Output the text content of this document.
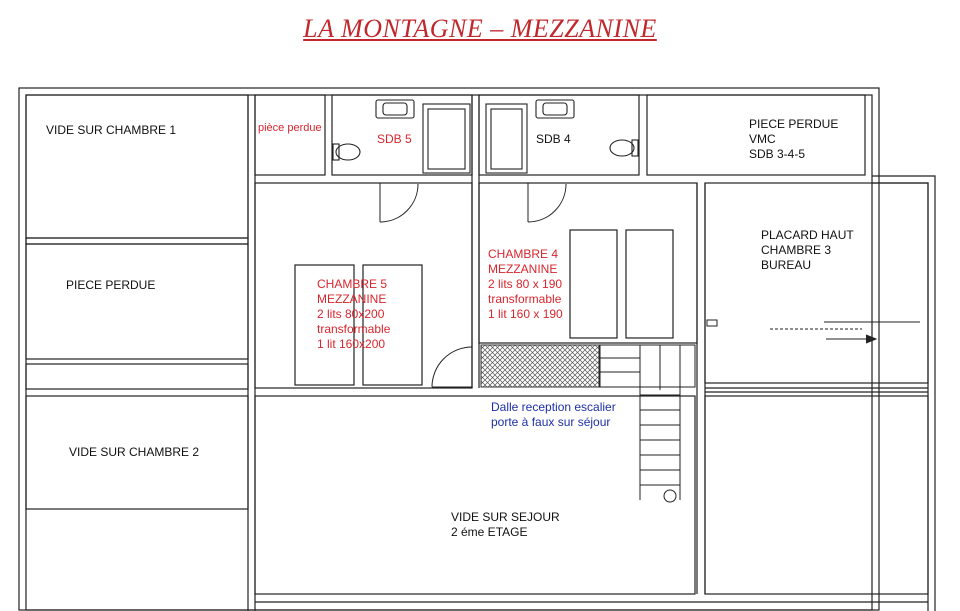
LA MONTAGNE – MEZZANINE
VIDE SUR CHAMBRE 1	pièce perdue
SDB 5	SDB 4
PIECE PERDUE
VMC
SDB 3-4-5
PIECE PERDUE
VIDE SUR CHAMBRE 2
CHAMBRE 5
MEZZANINE
2 lits 80x200
transformable
1 lit 160x200
CHAMBRE 4
MEZZANINE
2 lits 80 x 190
transformable
1 lit 160 x 190
PLACARD HAUT
CHAMBRE 3
BUREAU
Dalle reception escalier
porte à faux sur séjour
VIDE SUR SEJOUR
2 éme ETAGE
